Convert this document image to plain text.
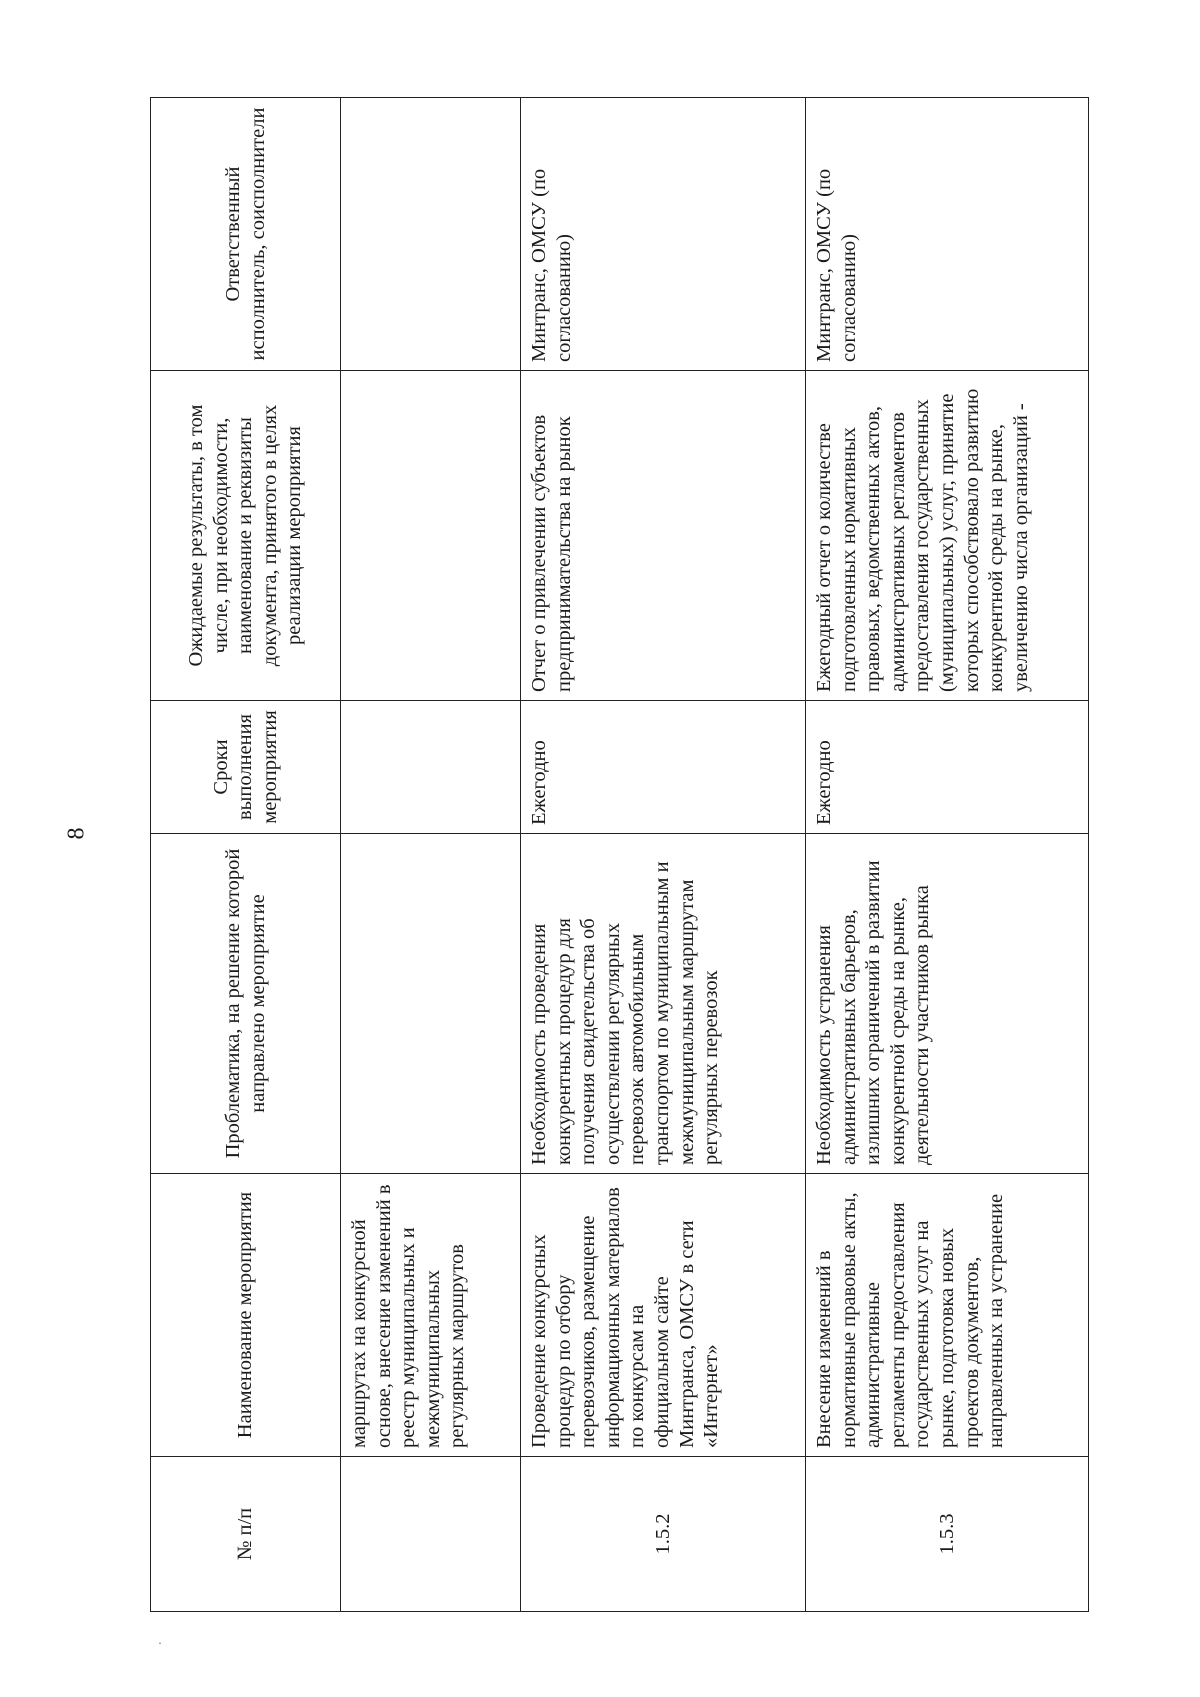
8
·
№ п/п	Наименование мероприятия	Проблематика, на решение которой направлено мероприятие	Сроки выполнения мероприятия	Ожидаемые результаты, в том числе, при необходимости, наименование и реквизиты документа, принятого в целях реализации мероприятия	Ответственный исполнитель, соисполнители
	маршрутах на конкурсной основе, внесение изменений в реестр муниципальных и межмуниципальных регулярных маршрутов				
1.5.2	Проведение конкурсных процедур по отбору перевозчиков, размещение информационных материалов по конкурсам на официальном сайте Минтранса, ОМСУ в сети «Интернет»	Необходимость проведения конкурентных процедур для получения свидетельства об осуществлении регулярных перевозок автомобильным транспортом по муниципальным и межмуниципальным маршрутам регулярных перевозок	Ежегодно	Отчет о привлечении субъектов предпринимательства на рынок	Минтранс, ОМСУ (по согласованию)
1.5.3	Внесение изменений в нормативные правовые акты, административные регламенты предоставления государственных услуг на рынке, подготовка новых проектов документов, направленных на устранение	Необходимость устранения административных барьеров, излишних ограничений в развитии конкурентной среды на рынке, деятельности участников рынка	Ежегодно	Ежегодный отчет о количестве подготовленных нормативных правовых, ведомственных актов, административных регламентов предоставления государственных (муниципальных) услуг, принятие которых способствовало развитию конкурентной среды на рынке, увеличению числа организаций -	Минтранс, ОМСУ (по согласованию)
